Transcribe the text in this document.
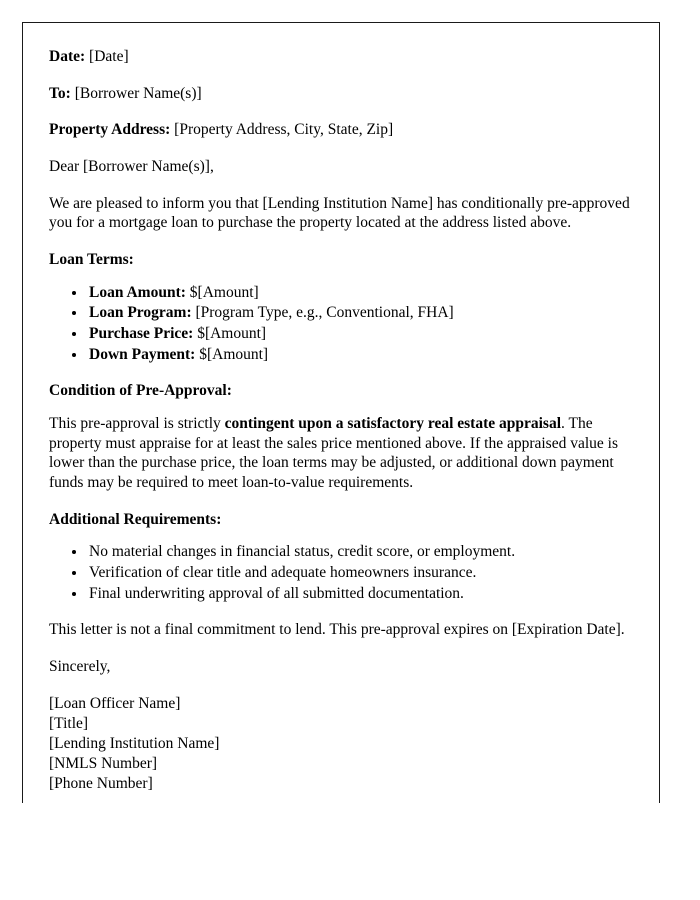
Date: [Date]

To: [Borrower Name(s)]

Property Address: [Property Address, City, State, Zip]

Dear [Borrower Name(s)],

We are pleased to inform you that [Lending Institution Name] has conditionally pre-approved you for a mortgage loan to purchase the property located at the address listed above.

Loan Terms:
• Loan Amount: $[Amount]
• Loan Program: [Program Type, e.g., Conventional, FHA]
• Purchase Price: $[Amount]
• Down Payment: $[Amount]
Condition of Pre-Approval:

This pre-approval is strictly contingent upon a satisfactory real estate appraisal. The property must appraise for at least the sales price mentioned above. If the appraised value is lower than the purchase price, the loan terms may be adjusted, or additional down payment funds may be required to meet loan-to-value requirements.

Additional Requirements:
• No material changes in financial status, credit score, or employment.
• Verification of clear title and adequate homeowners insurance.
• Final underwriting approval of all submitted documentation.

This letter is not a final commitment to lend. This pre-approval expires on [Expiration Date].

Sincerely,

[Loan Officer Name]
[Title]
[Lending Institution Name]
[NMLS Number]
[Phone Number]
